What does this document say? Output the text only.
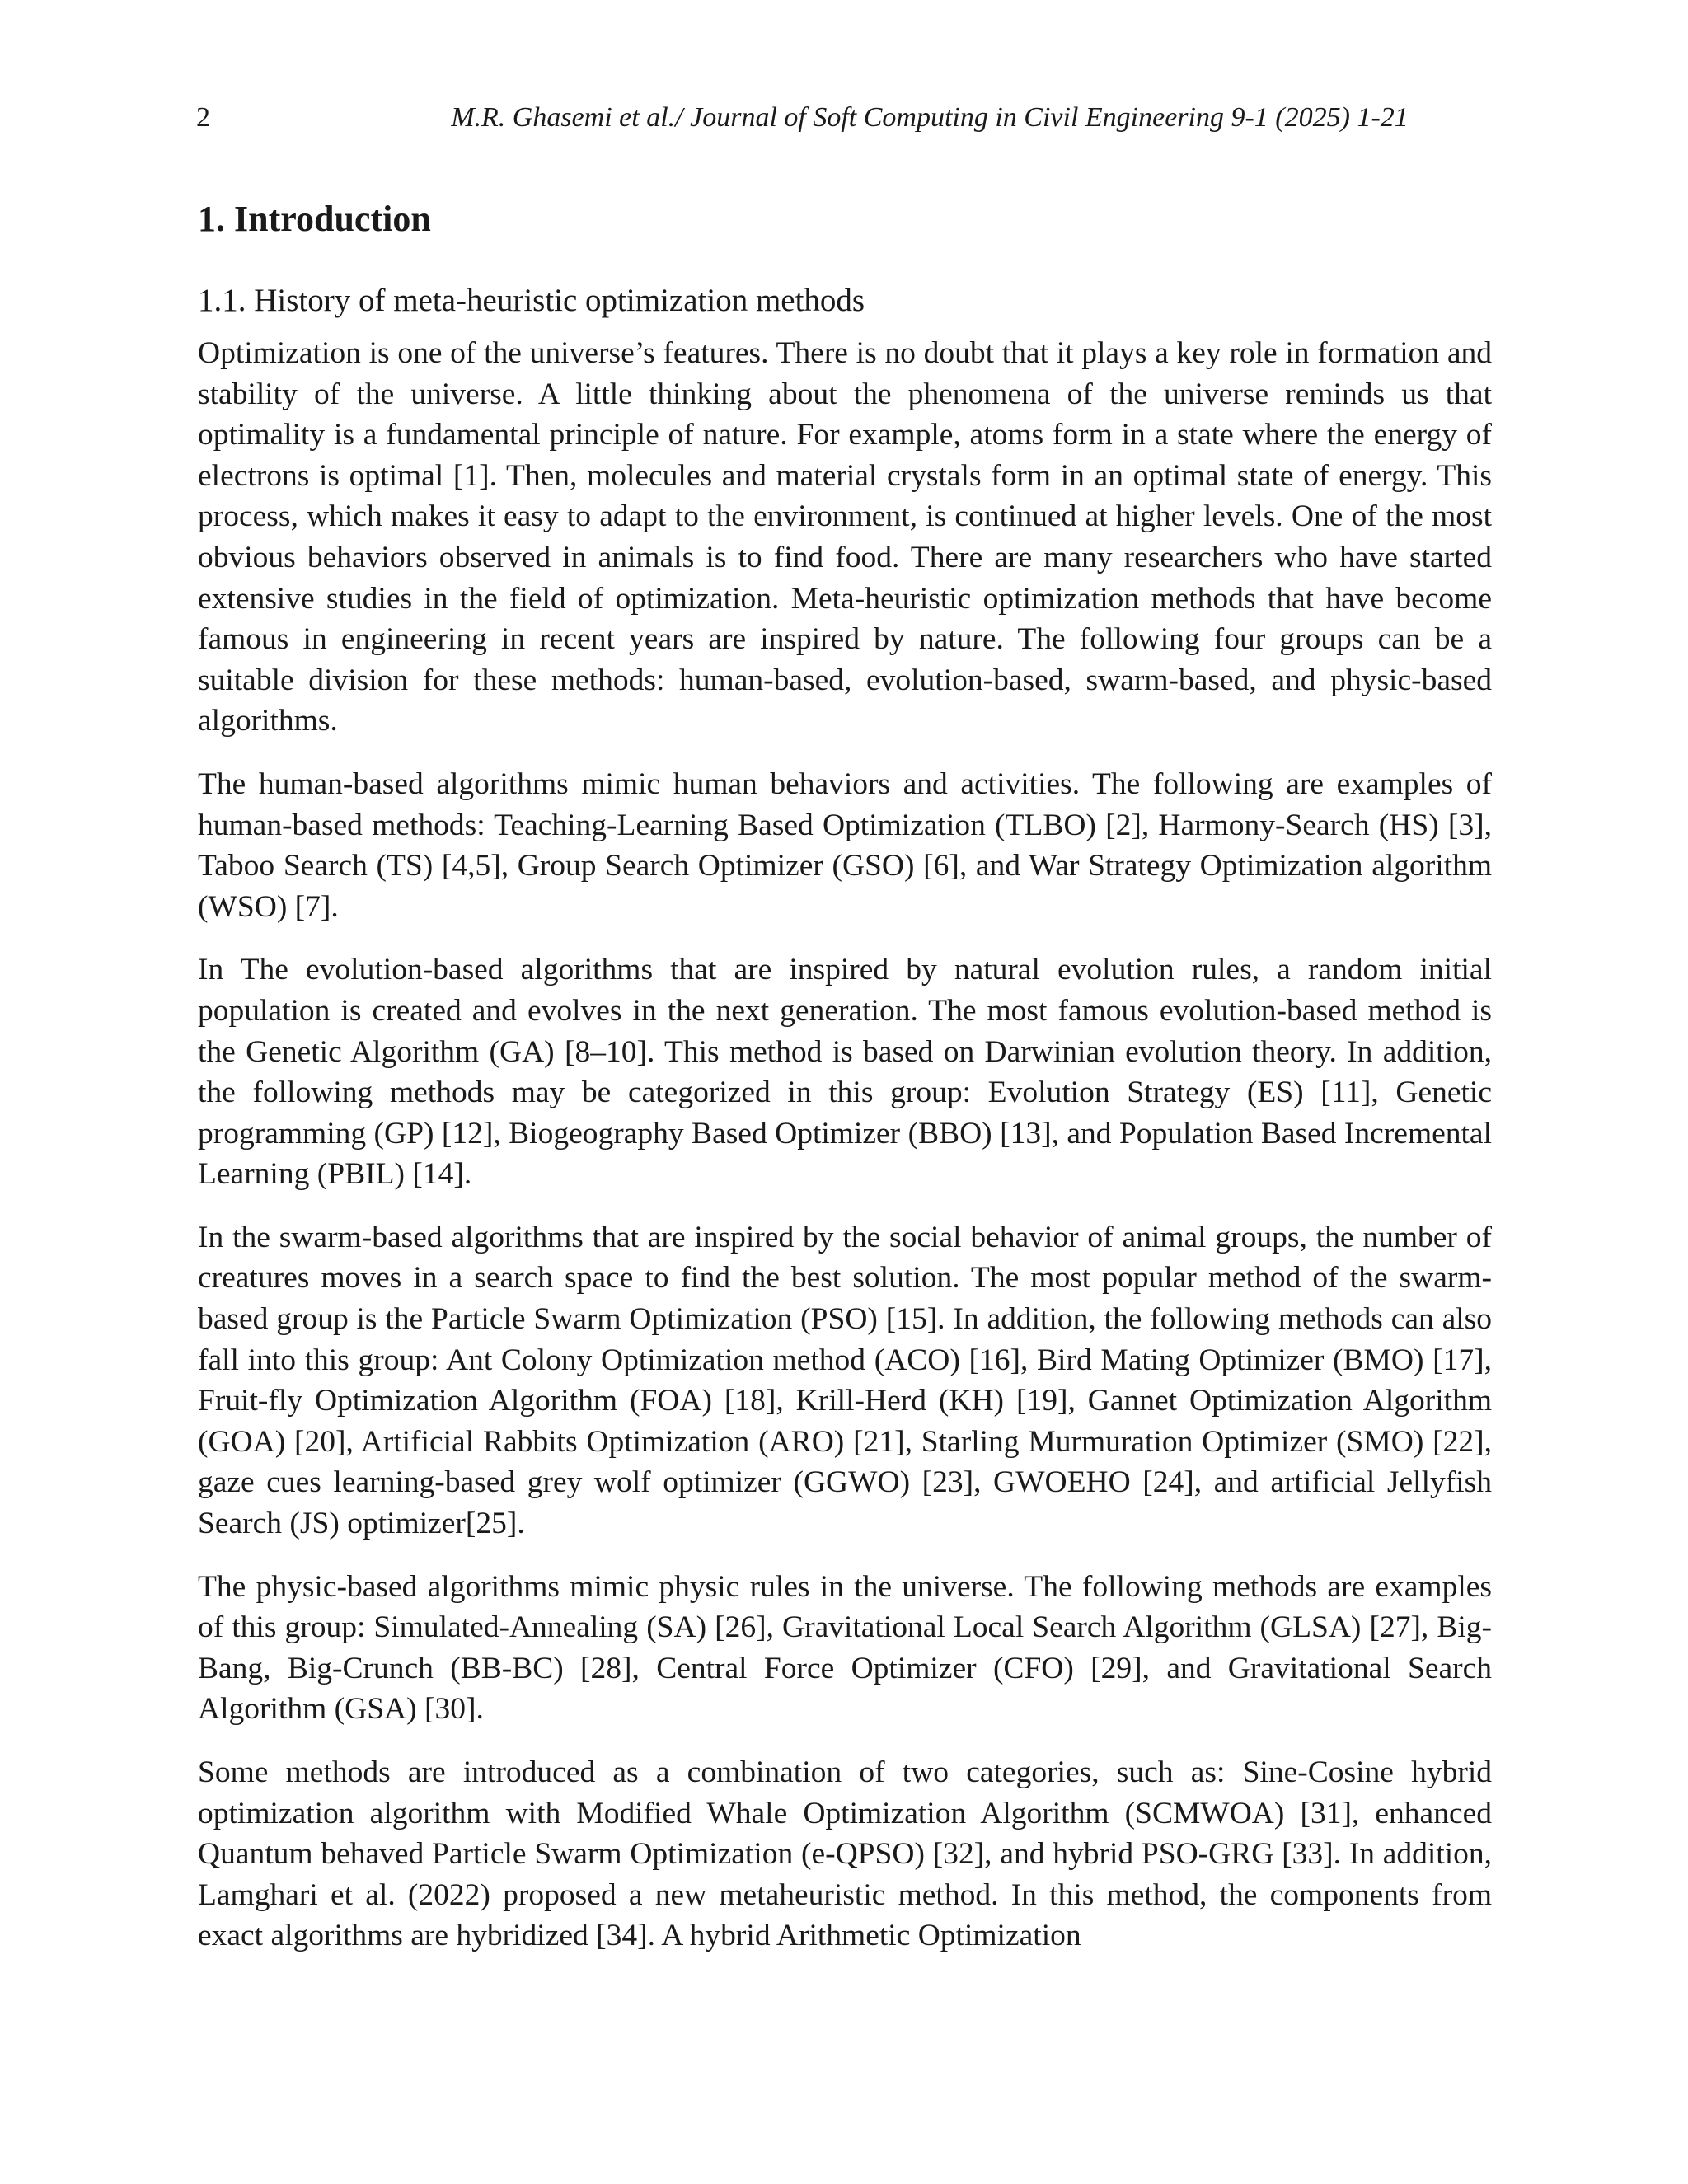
2	M.R. Ghasemi et al./ Journal of Soft Computing in Civil Engineering 9-1 (2025) 1-21
1. Introduction
1.1. History of meta-heuristic optimization methods

Optimization is one of the universe’s features. There is no doubt that it plays a key role in formation and stability of the universe. A little thinking about the phenomena of the universe reminds us that optimality is a fundamental principle of nature. For example, atoms form in a state where the energy of electrons is optimal [1]. Then, molecules and material crystals form in an optimal state of energy. This process, which makes it easy to adapt to the environment, is continued at higher levels. One of the most obvious behaviors observed in animals is to find food. There are many researchers who have started extensive studies in the field of optimization. Meta-heuristic optimization methods that have become famous in engineering in recent years are inspired by nature. The following four groups can be a suitable division for these methods: human-based, evolution-based, swarm-based, and physic-based algorithms.

The human-based algorithms mimic human behaviors and activities. The following are examples of human-based methods: Teaching-Learning Based Optimization (TLBO) [2], Harmony-Search (HS) [3], Taboo Search (TS) [4,5], Group Search Optimizer (GSO) [6], and War Strategy Optimization algorithm (WSO) [7].

In The evolution-based algorithms that are inspired by natural evolution rules, a random initial population is created and evolves in the next generation. The most famous evolution-based method is the Genetic Algorithm (GA) [8–10]. This method is based on Darwinian evolution theory. In addition, the following methods may be categorized in this group: Evolution Strategy (ES) [11], Genetic programming (GP) [12], Biogeography Based Optimizer (BBO) [13], and Population Based Incremental Learning (PBIL) [14].

In the swarm-based algorithms that are inspired by the social behavior of animal groups, the number of creatures moves in a search space to find the best solution. The most popular method of the swarm-based group is the Particle Swarm Optimization (PSO) [15]. In addition, the following methods can also fall into this group: Ant Colony Optimization method (ACO) [16], Bird Mating Optimizer (BMO) [17], Fruit-fly Optimization Algorithm (FOA) [18], Krill-Herd (KH) [19], Gannet Optimization Algorithm (GOA) [20], Artificial Rabbits Optimization (ARO) [21], Starling Murmuration Optimizer (SMO) [22], gaze cues learning-based grey wolf optimizer (GGWO) [23], GWOEHO [24], and artificial Jellyfish Search (JS) optimizer[25].

The physic-based algorithms mimic physic rules in the universe. The following methods are examples of this group: Simulated-Annealing (SA) [26], Gravitational Local Search Algorithm (GLSA) [27], Big-Bang, Big-Crunch (BB-BC) [28], Central Force Optimizer (CFO) [29], and Gravitational Search Algorithm (GSA) [30].

Some methods are introduced as a combination of two categories, such as: Sine-Cosine hybrid optimization algorithm with Modified Whale Optimization Algorithm (SCMWOA) [31], enhanced Quantum behaved Particle Swarm Optimization (e-QPSO) [32], and hybrid PSO-GRG [33]. In addition, Lamghari et al. (2022) proposed a new metaheuristic method. In this method, the components from exact algorithms are hybridized [34]. A hybrid Arithmetic Optimization
